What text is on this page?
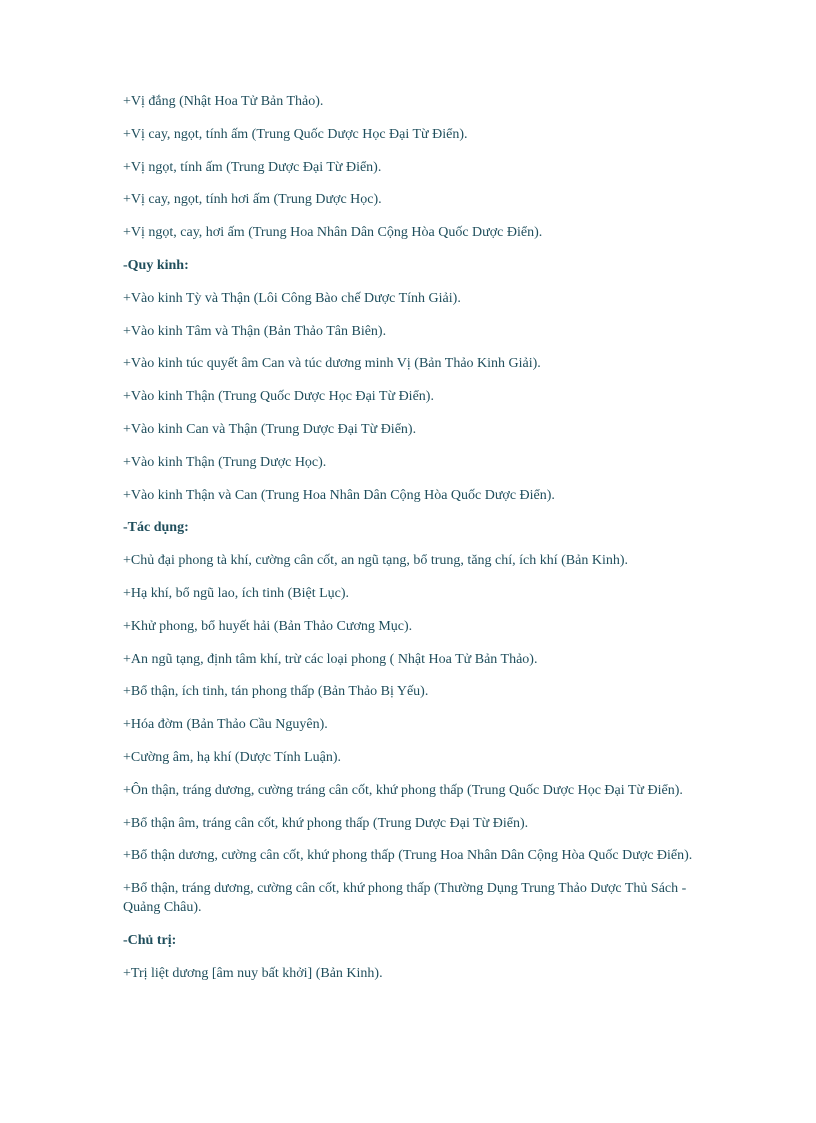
+Vị đắng (Nhật Hoa Tử Bản Thảo).

+Vị cay, ngọt, tính ấm (Trung Quốc Dược Học Đại Từ Điển).

+Vị ngọt, tính ấm (Trung Dược Đại Từ Điển).

+Vị cay, ngọt, tính hơi ấm (Trung Dược Học).

+Vị ngọt, cay, hơi ấm (Trung Hoa Nhân Dân Cộng Hòa Quốc Dược Điển).

-Quy kinh:

+Vào kinh Tỳ và Thận (Lôi Công Bào chế Dược Tính Giải).

+Vào kinh Tâm và Thận (Bản Thảo Tân Biên).

+Vào kinh túc quyết âm Can và túc dương minh Vị (Bản Thảo Kinh Giải).

+Vào kinh Thận (Trung Quốc Dược Học Đại Từ Điển).

+Vào kinh Can và Thận (Trung Dược Đại Từ Điển).

+Vào kinh Thận (Trung Dược Học).

+Vào kinh Thận và Can (Trung Hoa Nhân Dân Cộng Hòa Quốc Dược Điển).

-Tác dụng:

+Chủ đại phong tà khí, cường cân cốt, an ngũ tạng, bổ trung, tăng chí, ích khí (Bản Kinh).

+Hạ khí, bổ ngũ lao, ích tinh (Biệt Lục).

+Khử phong, bổ huyết hải (Bản Thảo Cương Mục).

+An ngũ tạng, định tâm khí, trừ các loại phong ( Nhật Hoa Tử Bản Thảo).

+Bổ thận, ích tinh, tán phong thấp (Bản Thảo Bị Yếu).

+Hóa đờm (Bản Thảo Cầu Nguyên).

+Cường âm, hạ khí (Dược Tính Luận).

+Ôn thận, tráng dương, cường tráng cân cốt, khứ phong thấp (Trung Quốc Dược Học Đại Từ Điển).

+Bổ thận âm, tráng cân cốt, khứ phong thấp (Trung Dược Đại Từ Điển).

+Bổ thận dương, cường cân cốt, khứ phong thấp (Trung Hoa Nhân Dân Cộng Hòa Quốc Dược Điển).

+Bổ thận, tráng dương, cường cân cốt, khứ phong thấp (Thường Dụng Trung Thảo Dược Thủ Sách - Quảng Châu).

-Chủ trị:

+Trị liệt dương [âm nuy bất khởi] (Bản Kinh).
